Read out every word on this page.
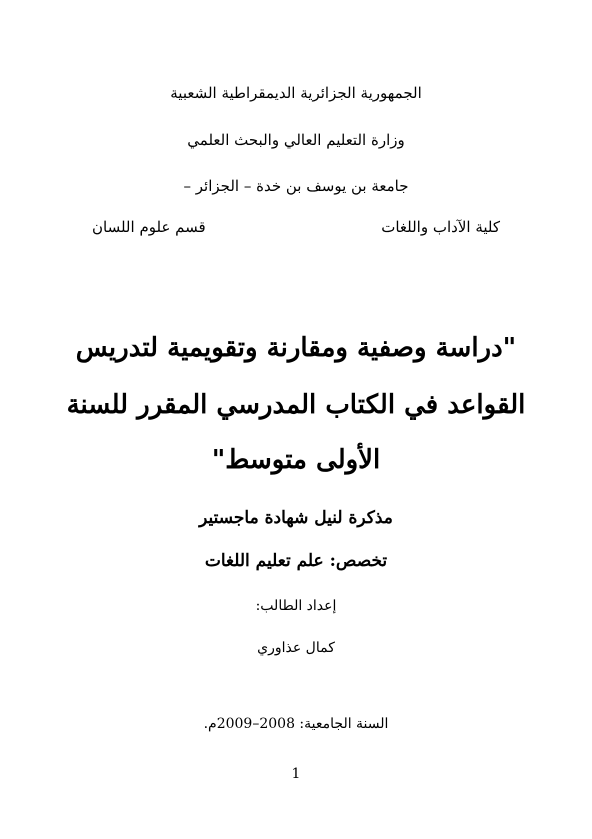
الجمهورية الجزائرية الديمقراطية الشعبية
وزارة التعليم العالي والبحث العلمي
جامعة بن يوسف بن خدة – الجزائر –
كلية الآداب واللغات
قسم علوم اللسان
"دراسة وصفية ومقارنة وتقويمية لتدريس
القواعد في الكتاب المدرسي المقرر للسنة
الأولى متوسط"
مذكرة لنيل شهادة ماجستير
تخصص: علم تعليم اللغات
إعداد الطالب:
كمال عذاوري
السنة الجامعية: 2008–2009م.
1
